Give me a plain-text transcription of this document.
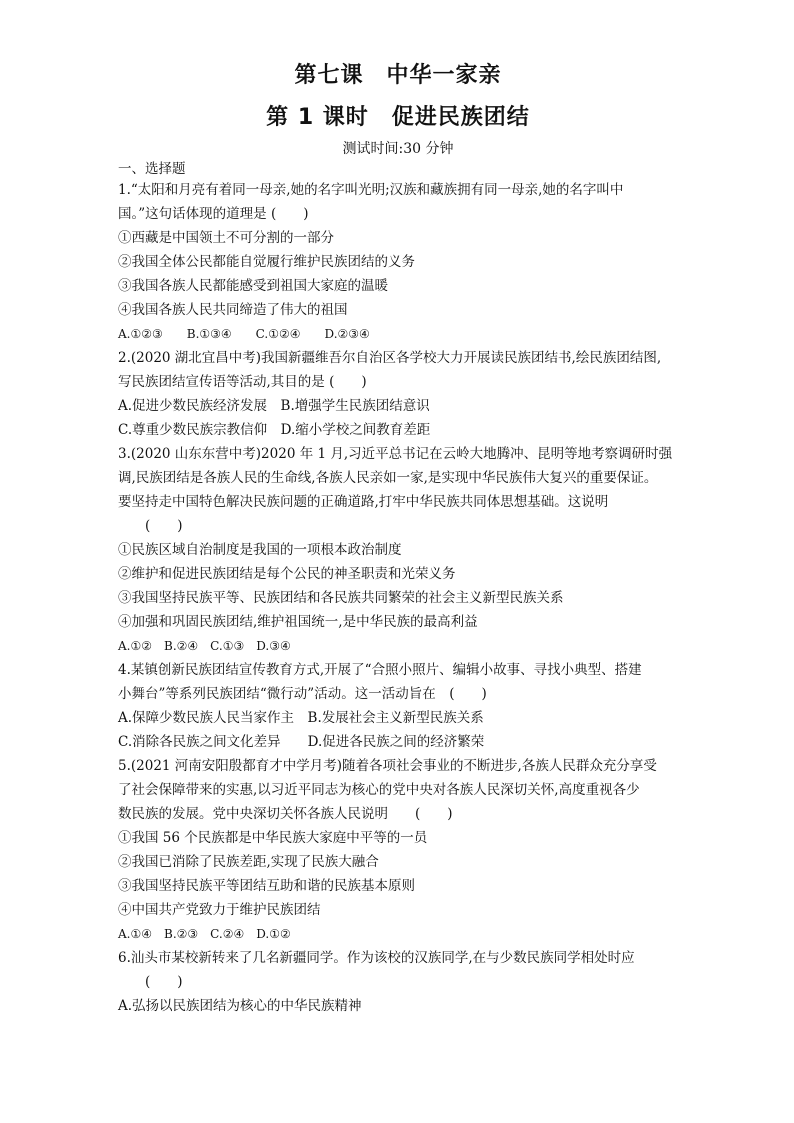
第七课　中华一家亲
第 1 课时　促进民族团结
测试时间:30 分钟
一、选择题
1.“太阳和月亮有着同一母亲,她的名字叫光明;汉族和藏族拥有同一母亲,她的名字叫中
国。”这句话体现的道理是 (　　)
①西藏是中国领土不可分割的一部分
②我国全体公民都能自觉履行维护民族团结的义务
③我国各族人民都能感受到祖国大家庭的温暖
④我国各族人民共同缔造了伟大的祖国
A.①②③　　B.①③④　　C.①②④　　D.②③④
2.(2020 湖北宜昌中考)我国新疆维吾尔自治区各学校大力开展读民族团结书,绘民族团结图,
写民族团结宣传语等活动,其目的是 (　　)
A.促进少数民族经济发展　B.增强学生民族团结意识
C.尊重少数民族宗教信仰　D.缩小学校之间教育差距
3.(2020 山东东营中考)2020 年 1 月,习近平总书记在云岭大地腾冲、昆明等地考察调研时强
调,民族团结是各族人民的生命线,各族人民亲如一家,是实现中华民族伟大复兴的重要保证。
要坚持走中国特色解决民族问题的正确道路,打牢中华民族共同体思想基础。这说明
　　(　　)
①民族区域自治制度是我国的一项根本政治制度
②维护和促进民族团结是每个公民的神圣职责和光荣义务
③我国坚持民族平等、民族团结和各民族共同繁荣的社会主义新型民族关系
④加强和巩固民族团结,维护祖国统一,是中华民族的最高利益
A.①②　B.②④　C.①③　D.③④
4.某镇创新民族团结宣传教育方式,开展了“合照小照片、编辑小故事、寻找小典型、搭建
小舞台”等系列民族团结“微行动”活动。这一活动旨在　(　　)
A.保障少数民族人民当家作主　B.发展社会主义新型民族关系
C.消除各民族之间文化差异　　D.促进各民族之间的经济繁荣
5.(2021 河南安阳殷都育才中学月考)随着各项社会事业的不断进步,各族人民群众充分享受
了社会保障带来的实惠,以习近平同志为核心的党中央对各族人民深切关怀,高度重视各少
数民族的发展。党中央深切关怀各族人民说明　　(　　)
①我国 56 个民族都是中华民族大家庭中平等的一员
②我国已消除了民族差距,实现了民族大融合
③我国坚持民族平等团结互助和谐的民族基本原则
④中国共产党致力于维护民族团结
A.①④　B.②③　C.②④　D.①②
6.汕头市某校新转来了几名新疆同学。作为该校的汉族同学,在与少数民族同学相处时应
　　(　　)
A.弘扬以民族团结为核心的中华民族精神
